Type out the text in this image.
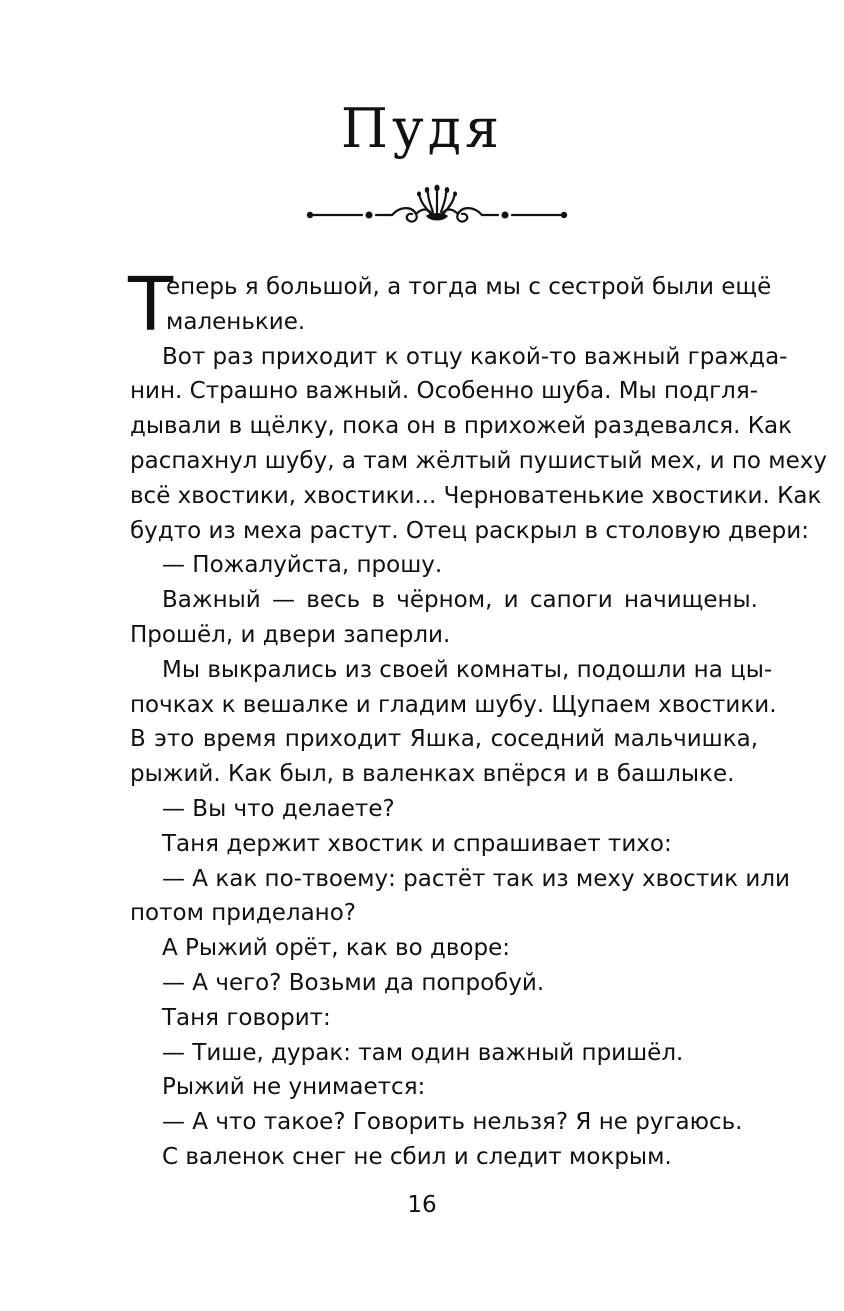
Пудя
Т
еперь я большой, а тогда мы с сестрой были ещё
маленькие.
Вот раз приходит к отцу какой-то важный гражда-
нин. Страшно важный. Особенно шуба. Мы подгля-
дывали в щёлку, пока он в прихожей раздевался. Как
распахнул шубу, а там жёлтый пушистый мех, и по меху
всё хвостики, хвостики... Черноватенькие хвостики. Как
будто из меха растут. Отец раскрыл в столовую двери:
— Пожалуйста, прошу.
Важный — весь в чёрном, и сапоги начищены.
Прошёл, и двери заперли.
Мы выкрались из своей комнаты, подошли на цы-
почках к вешалке и гладим шубу. Щупаем хвостики.
В это время приходит Яшка, соседний мальчишка,
рыжий. Как был, в валенках впёрся и в башлыке.
— Вы что делаете?
Таня держит хвостик и спрашивает тихо:
— А как по-твоему: растёт так из меху хвостик или
потом приделано?
А Рыжий орёт, как во дворе:
— А чего? Возьми да попробуй.
Таня говорит:
— Тише, дурак: там один важный пришёл.
Рыжий не унимается:
— А что такое? Говорить нельзя? Я не ругаюсь.
С валенок снег не сбил и следит мокрым.
16
